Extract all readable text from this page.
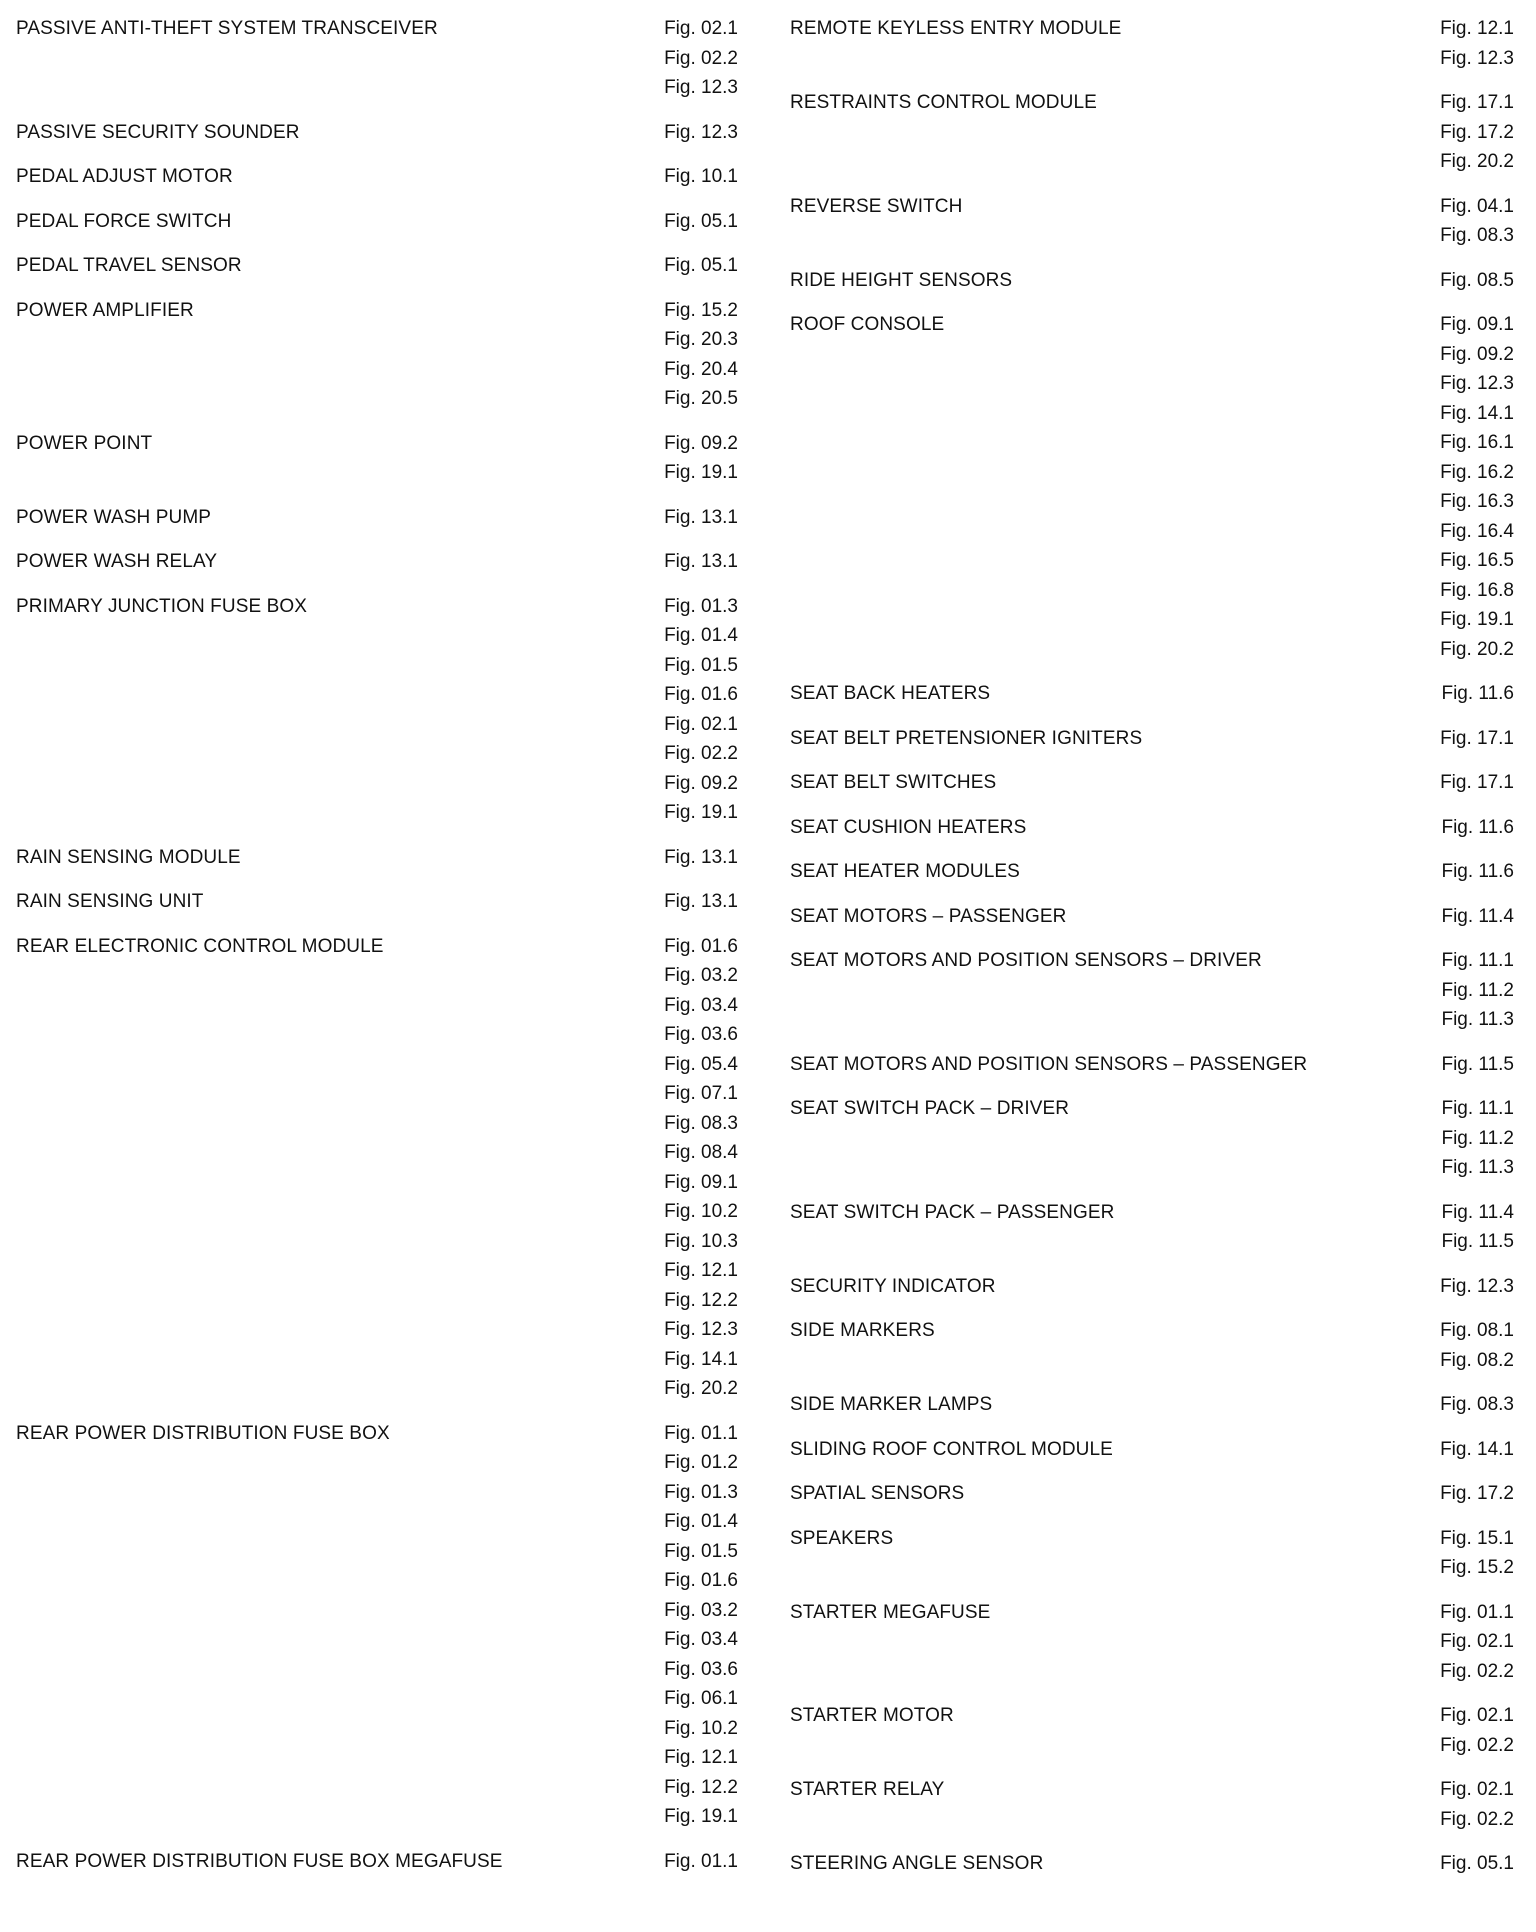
PASSIVE ANTI-THEFT SYSTEM TRANSCEIVER	Fig. 02.1
Fig. 02.2
Fig. 12.3
PASSIVE SECURITY SOUNDER	Fig. 12.3
PEDAL ADJUST MOTOR	Fig. 10.1
PEDAL FORCE SWITCH	Fig. 05.1
PEDAL TRAVEL SENSOR	Fig. 05.1
POWER AMPLIFIER	Fig. 15.2
Fig. 20.3
Fig. 20.4
Fig. 20.5
POWER POINT	Fig. 09.2
Fig. 19.1
POWER WASH PUMP	Fig. 13.1
POWER WASH RELAY	Fig. 13.1
PRIMARY JUNCTION FUSE BOX	Fig. 01.3
Fig. 01.4
Fig. 01.5
Fig. 01.6
Fig. 02.1
Fig. 02.2
Fig. 09.2
Fig. 19.1
RAIN SENSING MODULE	Fig. 13.1
RAIN SENSING UNIT	Fig. 13.1
REAR ELECTRONIC CONTROL MODULE	Fig. 01.6
Fig. 03.2
Fig. 03.4
Fig. 03.6
Fig. 05.4
Fig. 07.1
Fig. 08.3
Fig. 08.4
Fig. 09.1
Fig. 10.2
Fig. 10.3
Fig. 12.1
Fig. 12.2
Fig. 12.3
Fig. 14.1
Fig. 20.2
REAR POWER DISTRIBUTION FUSE BOX	Fig. 01.1
Fig. 01.2
Fig. 01.3
Fig. 01.4
Fig. 01.5
Fig. 01.6
Fig. 03.2
Fig. 03.4
Fig. 03.6
Fig. 06.1
Fig. 10.2
Fig. 12.1
Fig. 12.2
Fig. 19.1
REAR POWER DISTRIBUTION FUSE BOX MEGAFUSE	Fig. 01.1
REMOTE KEYLESS ENTRY MODULE	Fig. 12.1
Fig. 12.3
RESTRAINTS CONTROL MODULE	Fig. 17.1
Fig. 17.2
Fig. 20.2
REVERSE SWITCH	Fig. 04.1
Fig. 08.3
RIDE HEIGHT SENSORS	Fig. 08.5
ROOF CONSOLE	Fig. 09.1
Fig. 09.2
Fig. 12.3
Fig. 14.1
Fig. 16.1
Fig. 16.2
Fig. 16.3
Fig. 16.4
Fig. 16.5
Fig. 16.8
Fig. 19.1
Fig. 20.2
SEAT BACK HEATERS	Fig. 11.6
SEAT BELT PRETENSIONER IGNITERS	Fig. 17.1
SEAT BELT SWITCHES	Fig. 17.1
SEAT CUSHION HEATERS	Fig. 11.6
SEAT HEATER MODULES	Fig. 11.6
SEAT MOTORS – PASSENGER	Fig. 11.4
SEAT MOTORS AND POSITION SENSORS – DRIVER	Fig. 11.1
Fig. 11.2
Fig. 11.3
SEAT MOTORS AND POSITION SENSORS – PASSENGER	Fig. 11.5
SEAT SWITCH PACK – DRIVER	Fig. 11.1
Fig. 11.2
Fig. 11.3
SEAT SWITCH PACK – PASSENGER	Fig. 11.4
Fig. 11.5
SECURITY INDICATOR	Fig. 12.3
SIDE MARKERS	Fig. 08.1
Fig. 08.2
SIDE MARKER LAMPS	Fig. 08.3
SLIDING ROOF CONTROL MODULE	Fig. 14.1
SPATIAL SENSORS	Fig. 17.2
SPEAKERS	Fig. 15.1
Fig. 15.2
STARTER MEGAFUSE	Fig. 01.1
Fig. 02.1
Fig. 02.2
STARTER MOTOR	Fig. 02.1
Fig. 02.2
STARTER RELAY	Fig. 02.1
Fig. 02.2
STEERING ANGLE SENSOR	Fig. 05.1
